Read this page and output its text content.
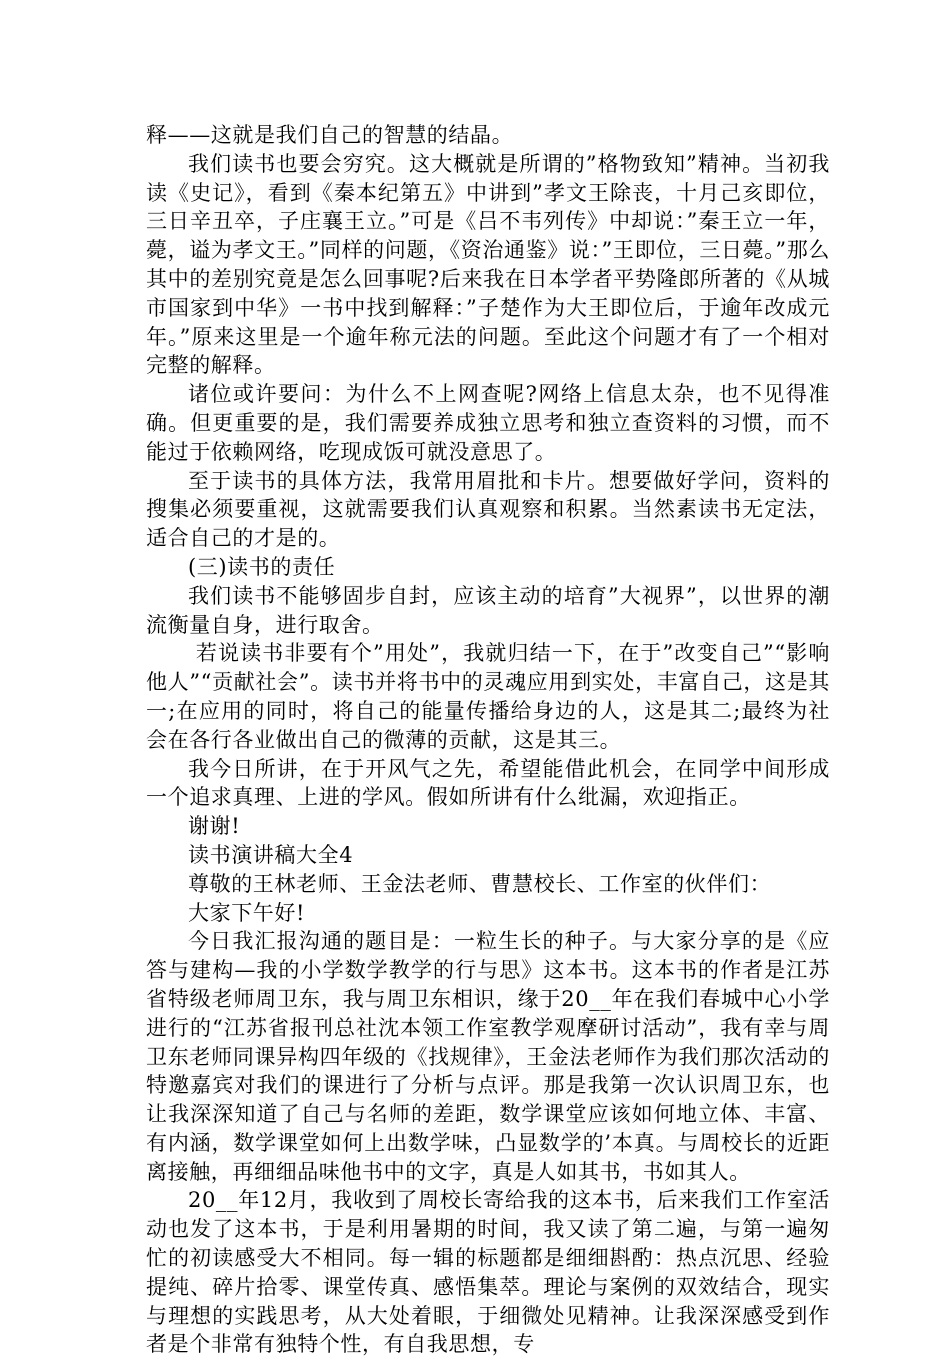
释——这就是我们自己的智慧的结晶。

我们读书也要会穷究。这大概就是所谓的”格物致知”精神。当初我读《史记》，看到《秦本纪第五》中讲到”孝文王除丧，十月己亥即位，三日辛丑卒，子庄襄王立。”可是《吕不韦列传》中却说：”秦王立一年，薨，谥为孝文王。”同样的问题，《资治通鉴》说：”王即位，三日薨。”那么其中的差别究竟是怎么回事呢?后来我在日本学者平势隆郎所著的《从城市国家到中华》一书中找到解释：”子楚作为大王即位后，于逾年改成元年。”原来这里是一个逾年称元法的问题。至此这个问题才有了一个相对完整的解释。

诸位或许要问：为什么不上网查呢?网络上信息太杂，也不见得准确。但更重要的是，我们需要养成独立思考和独立查资料的习惯，而不能过于依赖网络，吃现成饭可就没意思了。

至于读书的具体方法，我常用眉批和卡片。想要做好学问，资料的搜集必须要重视，这就需要我们认真观察和积累。当然素读书无定法，适合自己的才是的。

(三)读书的责任

我们读书不能够固步自封，应该主动的培育”大视界”，以世界的潮流衡量自身，进行取舍。

若说读书非要有个”用处”，我就归结一下，在于”改变自己”“影响他人”“贡献社会”。读书并将书中的灵魂应用到实处，丰富自己，这是其一;在应用的同时，将自己的能量传播给身边的人，这是其二;最终为社会在各行各业做出自己的微薄的贡献，这是其三。

我今日所讲，在于开风气之先，希望能借此机会，在同学中间形成一个追求真理、上进的学风。假如所讲有什么纰漏，欢迎指正。

谢谢!

读书演讲稿大全4

尊敬的王林老师、王金法老师、曹慧校长、工作室的伙伴们：

大家下午好!

今日我汇报沟通的题目是：一粒生长的种子。与大家分享的是《应答与建构—我的小学数学教学的行与思》这本书。这本书的作者是江苏省特级老师周卫东，我与周卫东相识，缘于20__年在我们春城中心小学进行的“江苏省报刊总社沈本领工作室教学观摩研讨活动”，我有幸与周卫东老师同课异构四年级的《找规律》，王金法老师作为我们那次活动的特邀嘉宾对我们的课进行了分析与点评。那是我第一次认识周卫东，也让我深深知道了自己与名师的差距，数学课堂应该如何地立体、丰富、有内涵，数学课堂如何上出数学味，凸显数学的’本真。与周校长的近距离接触，再细细品味他书中的文字，真是人如其书，书如其人。

20__年12月，我收到了周校长寄给我的这本书，后来我们工作室活动也发了这本书，于是利用暑期的时间，我又读了第二遍，与第一遍匆忙的初读感受大不相同。每一辑的标题都是细细斟酌：热点沉思、经验提纯、碎片拾零、课堂传真、感悟集萃。理论与案例的双效结合，现实与理想的实践思考，从大处着眼，于细微处见精神。让我深深感受到作者是个非常有独特个性，有自我思想，专
